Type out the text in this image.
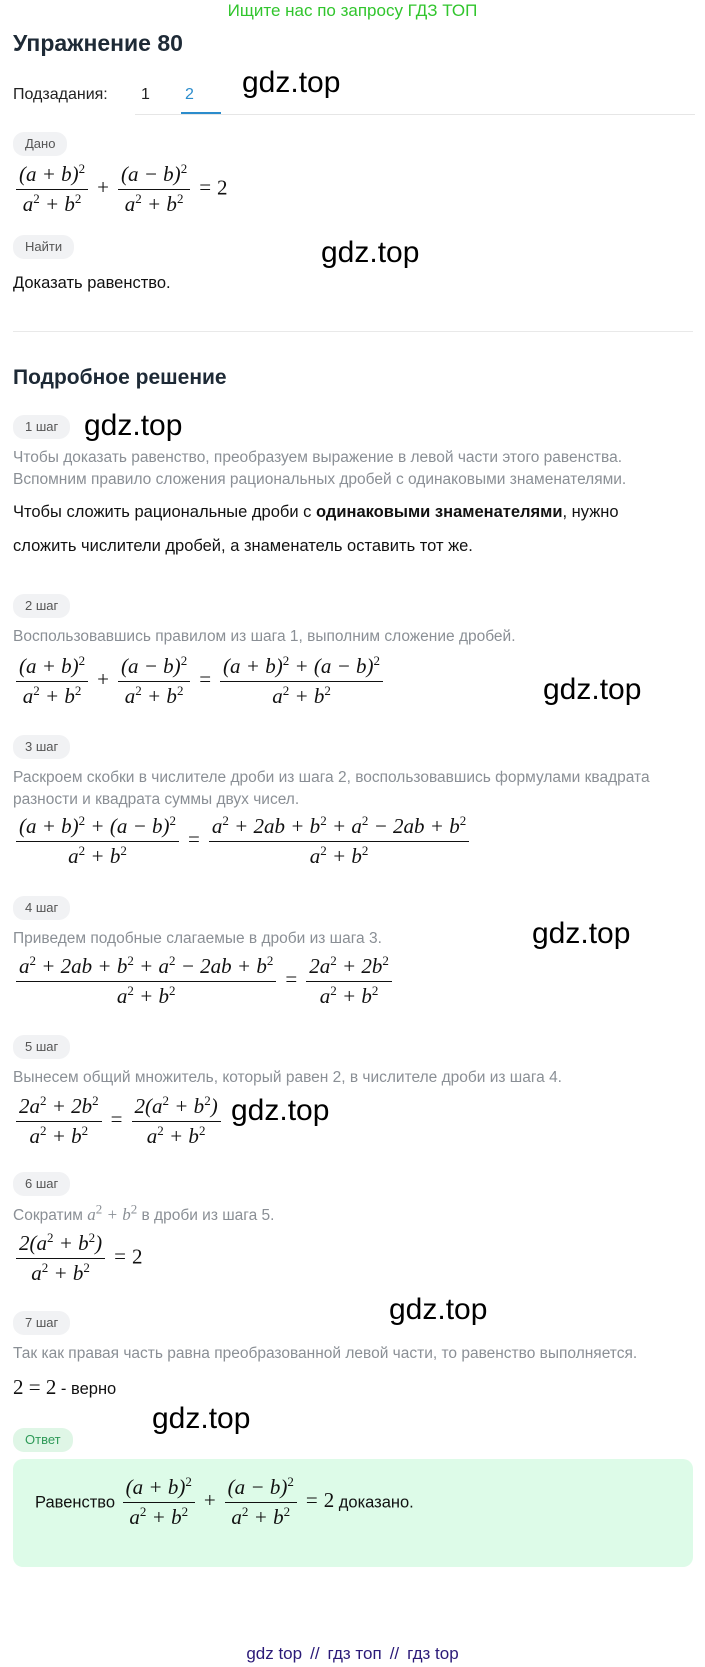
Ищите нас по запросу ГДЗ ТОП
Упражнение 80
Подзадания: 1 2 gdz.top
gdz.top
gdz.top
gdz.top
gdz.top
gdz.top
gdz.top
gdz.top
Дано
$\frac{(a + b)^2}{a^2 + b^2} + \frac{(a - b)^2}{a^2 + b^2} = 2$
Найти
Доказать равенство.
Подробное решение
1 шаг
Чтобы доказать равенство, преобразуем выражение в левой части этого равенства.
Вспомним правило сложения рациональных дробей с одинаковыми знаменателями.
Чтобы сложить рациональные дроби с одинаковыми знаменателями, нужно
сложить числители дробей, а знаменатель оставить тот же.
2 шаг
Воспользовавшись правилом из шага 1, выполним сложение дробей.
$\frac{(a + b)^2}{a^2 + b^2} + \frac{(a - b)^2}{a^2 + b^2} = \frac{(a + b)^2 + (a - b)^2}{a^2 + b^2}$
3 шаг
Раскроем скобки в числителе дроби из шага 2, воспользовавшись формулами квадрата
разности и квадрата суммы двух чисел.
$\frac{(a + b)^2 + (a - b)^2}{a^2 + b^2} = \frac{a^2 + 2ab + b^2 + a^2 - 2ab + b^2}{a^2 + b^2}$
4 шаг
Приведем подобные слагаемые в дроби из шага 3.
$\frac{a^2 + 2ab + b^2 + a^2 - 2ab + b^2}{a^2 + b^2} = \frac{2a^2 + 2b^2}{a^2 + b^2}$
5 шаг
Вынесем общий множитель, который равен 2, в числителе дроби из шага 4.
$\frac{2a^2 + 2b^2}{a^2 + b^2} = \frac{2(a^2 + b^2)}{a^2 + b^2}$
6 шаг
Сократим $a^2 + b^2$ в дроби из шага 5.
$\frac{2(a^2 + b^2)}{a^2 + b^2} = 2$
7 шаг
Так как правая часть равна преобразованной левой части, то равенство выполняется.
2 = 2 - верно
Ответ
Равенство $\frac{(a + b)^2}{a^2 + b^2} + \frac{(a - b)^2}{a^2 + b^2} = 2$ доказано.
gdz top // гдз топ // гдз top
